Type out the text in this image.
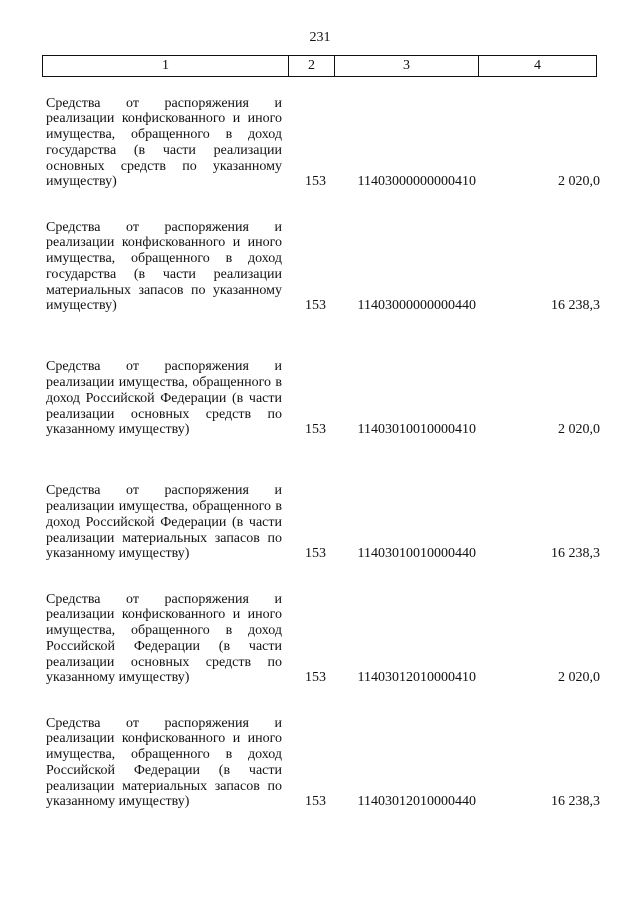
231
1	2	3	4
Средства от распоряжения и реализации конфискованного и иного имущества, обращенного в доход государства (в части реализации основных средств по указанному имуществу)	153	11403000000000410	2 020,0
Средства от распоряжения и реализации конфискованного и иного имущества, обращенного в доход государства (в части реализации материальных запасов по указанному имуществу)	153	11403000000000440	16 238,3
Средства от распоряжения и реализации имущества, обращенного в доход Российской Федерации (в части реализации основных средств по указанному имуществу)	153	11403010010000410	2 020,0
Средства от распоряжения и реализации имущества, обращенного в доход Российской Федерации (в части реализации материальных запасов по указанному имуществу)	153	11403010010000440	16 238,3
Средства от распоряжения и реализации конфискованного и иного имущества, обращенного в доход Российской Федерации (в части реализации основных средств по указанному имуществу)	153	11403012010000410	2 020,0
Средства от распоряжения и реализации конфискованного и иного имущества, обращенного в доход Российской Федерации (в части реализации материальных запасов по указанному имуществу)	153	11403012010000440	16 238,3
